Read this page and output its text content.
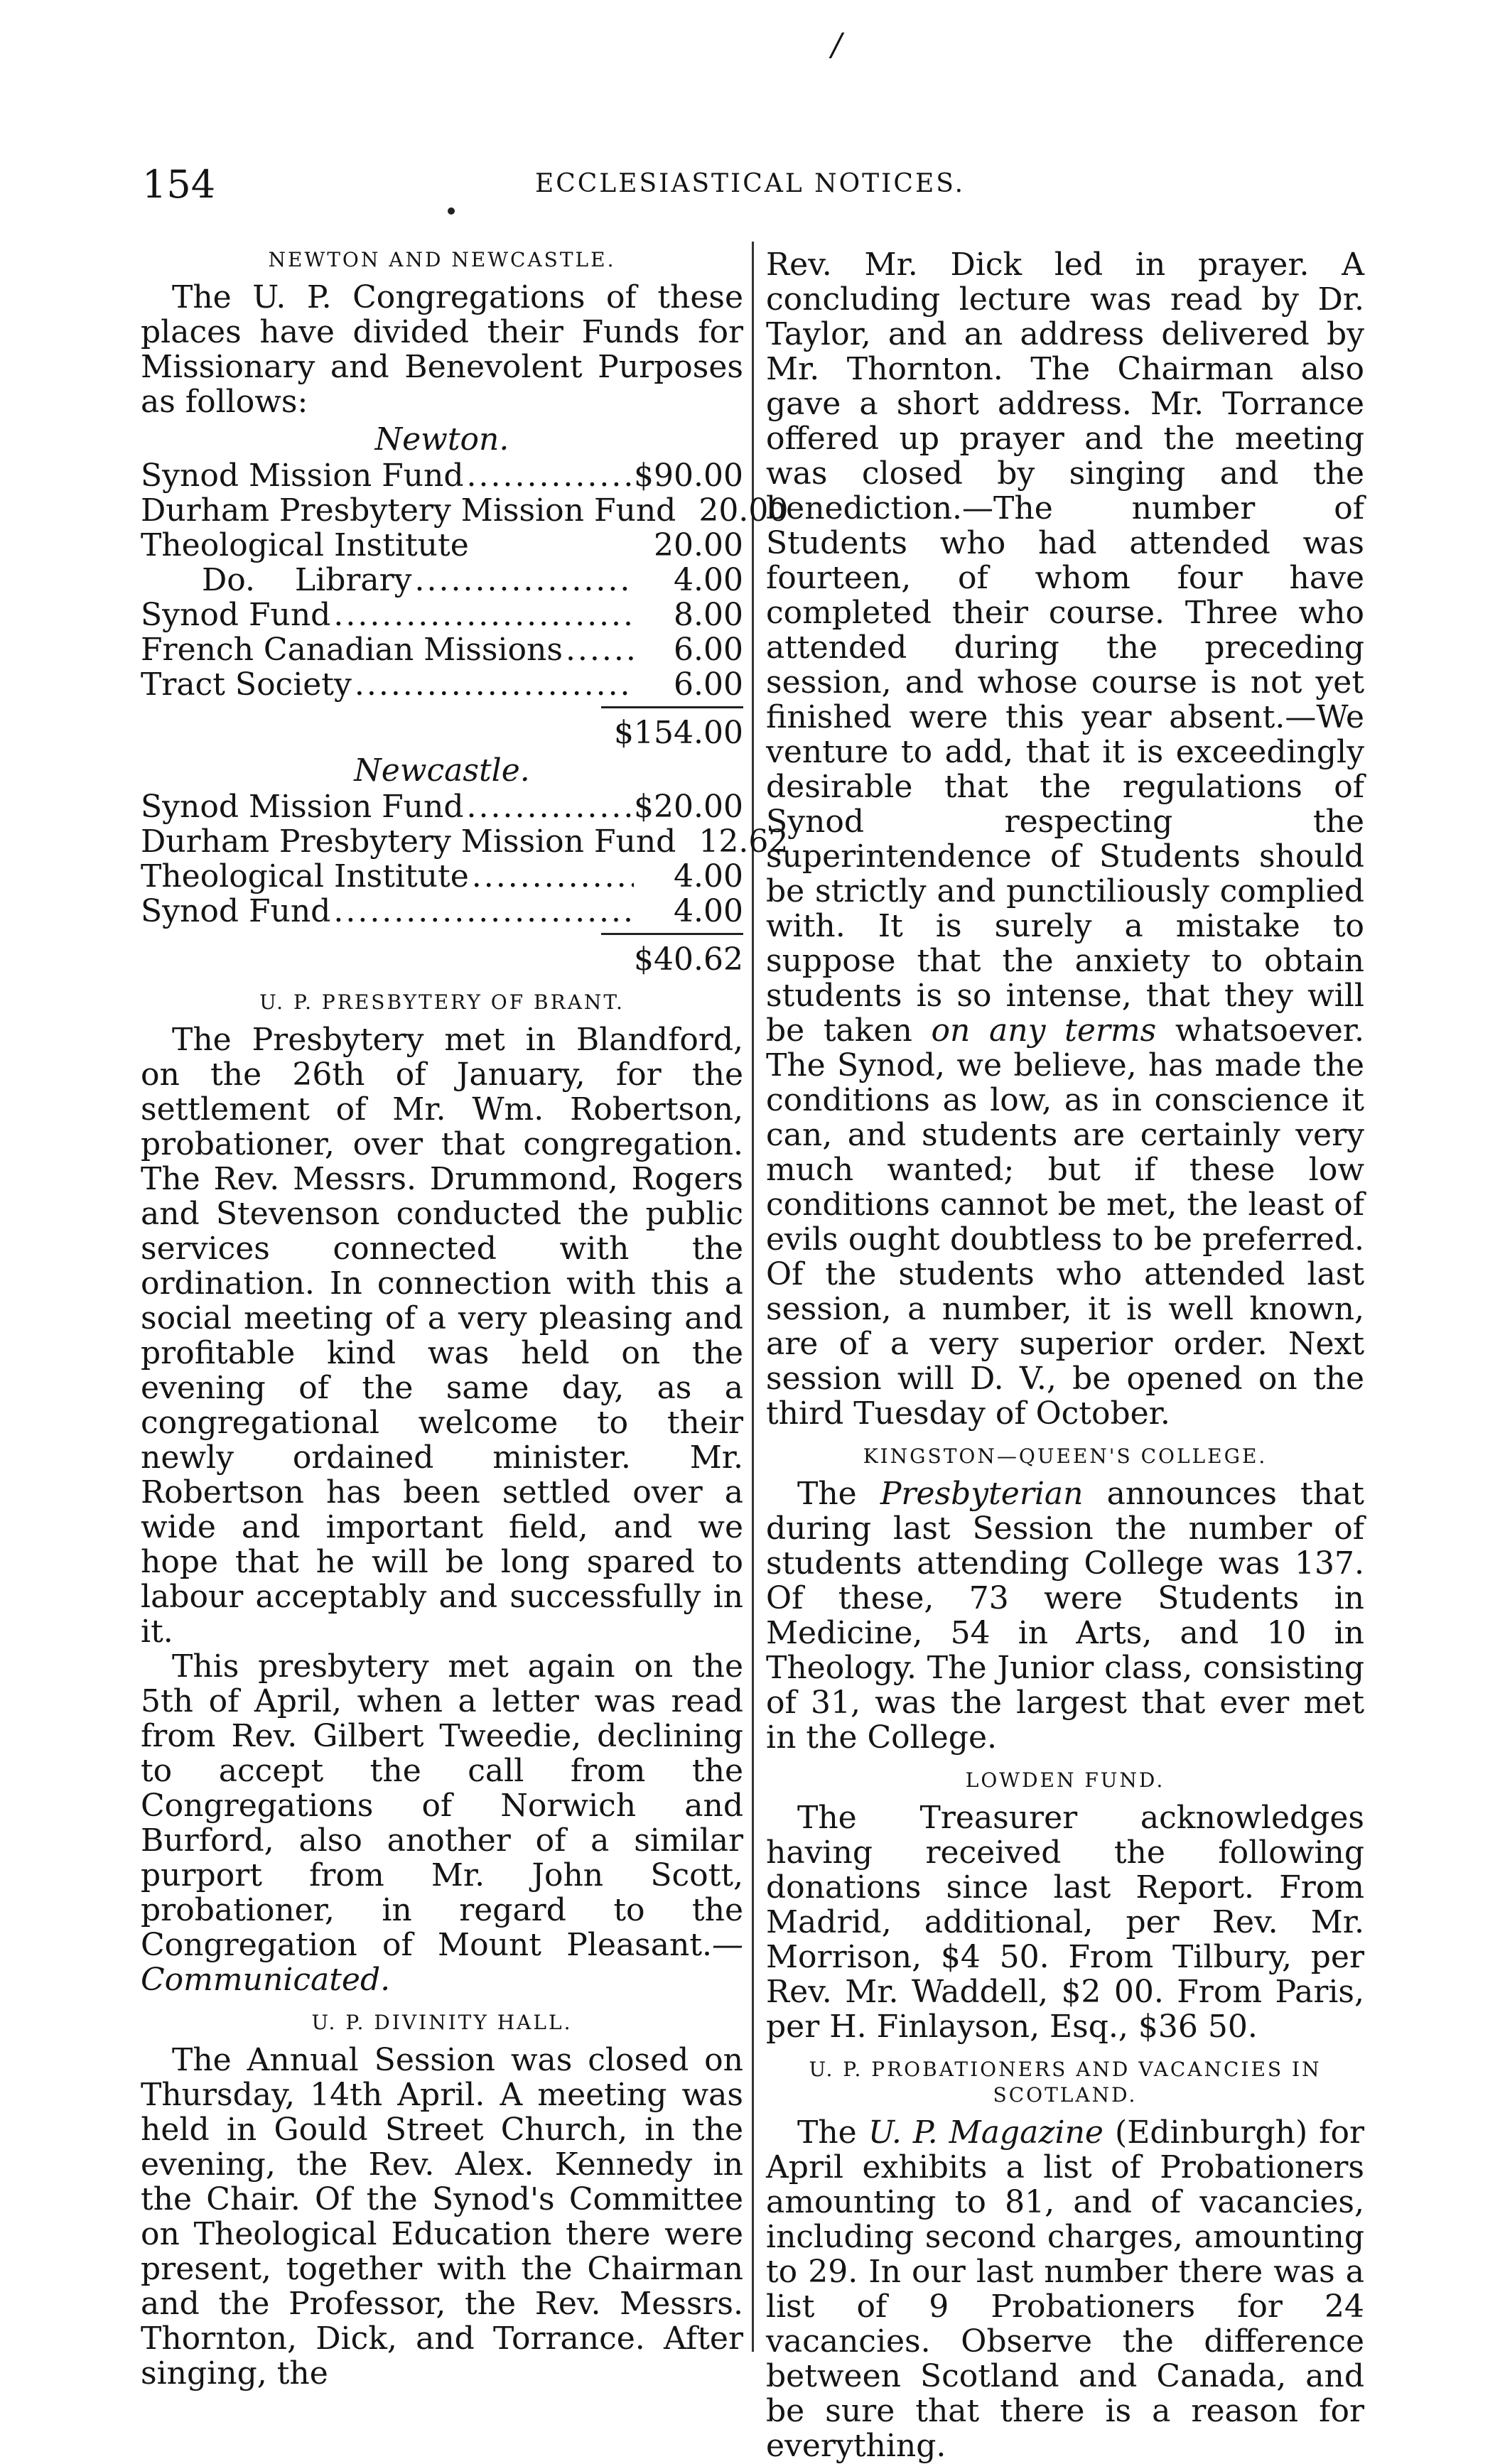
/
154	ECCLESIASTICAL NOTICES.
NEWTON AND NEWCASTLE.

The U. P. Congregations of these places have divided their Funds for Missionary and Benevolent Purposes as follows:

Newton.
Synod Mission Fund .....	$90.00
Durham Presbytery Mission Fund 20.00
Theological Institute	20.00
Do.    Library .....	4.00
Synod Fund .....	8.00
French Canadian Missions .....	6.00
Tract Society .....	6.00
$154.00
Newcastle.
Synod Mission Fund .....	$20.00
Durham Presbytery Mission Fund 12.62
Theological Institute .....	4.00
Synod Fund .....	4.00
$40.62
U. P. PRESBYTERY OF BRANT.

The Presbytery met in Blandford, on the 26th of January, for the settlement of Mr. Wm. Robertson, probationer, over that congregation. The Rev. Messrs. Drummond, Rogers and Stevenson conducted the public services connected with the ordination. In connection with this a social meeting of a very pleasing and profitable kind was held on the evening of the same day, as a congregational welcome to their newly ordained minister. Mr. Robertson has been settled over a wide and important field, and we hope that he will be long spared to labour acceptably and successfully in it.

This presbytery met again on the 5th of April, when a letter was read from Rev. Gilbert Tweedie, declining to accept the call from the Congregations of Norwich and Burford, also another of a similar purport from Mr. John Scott, probationer, in regard to the Congregation of Mount Pleasant.—Communicated.

U. P. DIVINITY HALL.

The Annual Session was closed on Thursday, 14th April. A meeting was held in Gould Street Church, in the evening, the Rev. Alex. Kennedy in the Chair. Of the Synod's Committee on Theological Education there were present, together with the Chairman and the Professor, the Rev. Messrs. Thornton, Dick, and Torrance. After singing, the

Rev. Mr. Dick led in prayer. A concluding lecture was read by Dr. Taylor, and an address delivered by Mr. Thornton. The Chairman also gave a short address. Mr. Torrance offered up prayer and the meeting was closed by singing and the benediction.—The number of Students who had attended was fourteen, of whom four have completed their course. Three who attended during the preceding session, and whose course is not yet finished were this year absent.—We venture to add, that it is exceedingly desirable that the regulations of Synod respecting the superintendence of Students should be strictly and punctiliously complied with. It is surely a mistake to suppose that the anxiety to obtain students is so intense, that they will be taken on any terms whatsoever. The Synod, we believe, has made the conditions as low, as in conscience it can, and students are certainly very much wanted; but if these low conditions cannot be met, the least of evils ought doubtless to be preferred. Of the students who attended last session, a number, it is well known, are of a very superior order. Next session will D. V., be opened on the third Tuesday of October.

KINGSTON—QUEEN'S COLLEGE.

The Presbyterian announces that during last Session the number of students attending College was 137. Of these, 73 were Students in Medicine, 54 in Arts, and 10 in Theology. The Junior class, consisting of 31, was the largest that ever met in the College.

LOWDEN FUND.

The Treasurer acknowledges having received the following donations since last Report. From Madrid, additional, per Rev. Mr. Morrison, $4 50. From Tilbury, per Rev. Mr. Waddell, $2 00. From Paris, per H. Finlayson, Esq., $36 50.

U. P. PROBATIONERS AND VACANCIES IN SCOTLAND.

The U. P. Magazine (Edinburgh) for April exhibits a list of Probationers amounting to 81, and of vacancies, including second charges, amounting to 29. In our last number there was a list of 9 Probationers for 24 vacancies. Observe the difference between Scotland and Canada, and be sure that there is a reason for everything.
